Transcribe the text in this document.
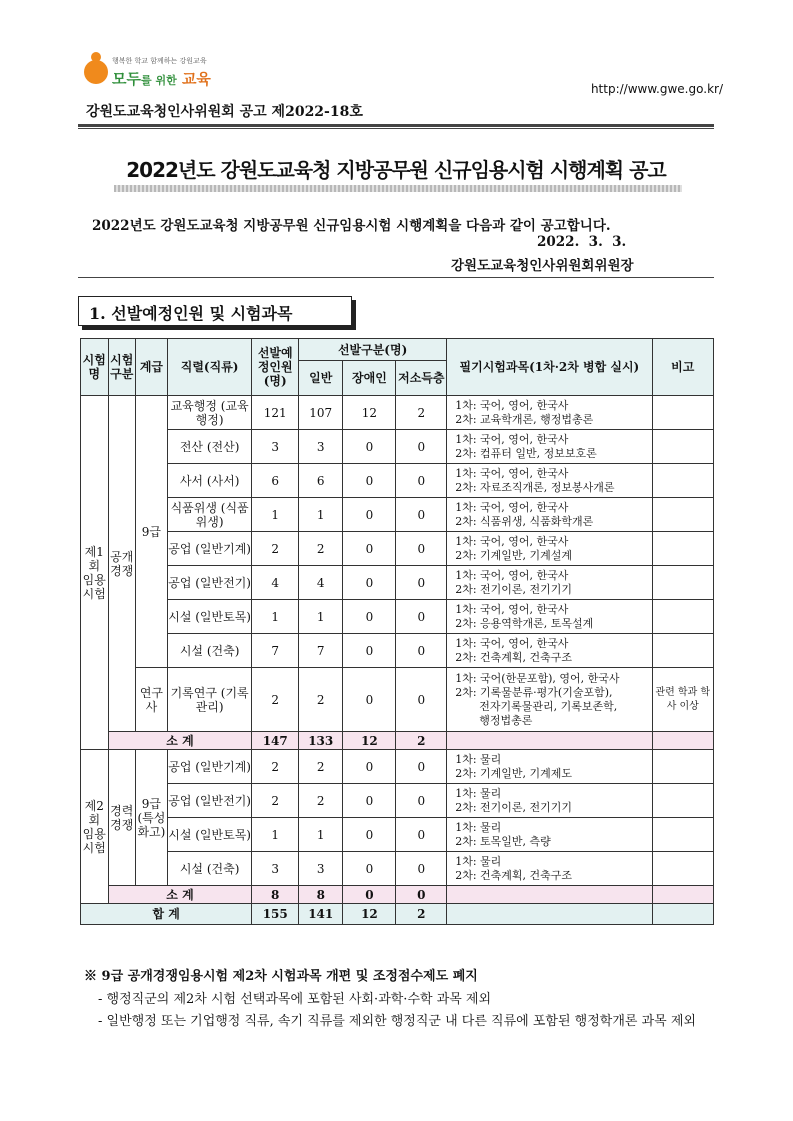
행복한 학교 함께하는 강원교육
모두를 위한 교육
http://www.gwe.go.kr/
강원도교육청인사위원회 공고 제2022-18호
2022년도 강원도교육청 지방공무원 신규임용시험 시행계획 공고
2022년도 강원도교육청 지방공무원 신규임용시험 시행계획을 다음과 같이 공고합니다.
2022.  3.  3.
강원도교육청인사위원회위원장
1. 선발예정인원 및 시험과목
시험명	시험구분	계급	직렬(직류)	선발예정인원(명)	선발구분(명)			필기시험과목(1차·2차 병합 실시)	비고
					일반	장애인	저소득층		
제1회 임용시험	공개경쟁	9급	교육행정 (교육행정)	121	107	12	2	1차: 국어, 영어, 한국사
2차: 교육학개론, 행정법총론	

			전산 (전산)	3	3	0	0	1차: 국어, 영어, 한국사
2차: 컴퓨터 일반, 정보보호론	

			사서 (사서)	6	6	0	0	1차: 국어, 영어, 한국사
2차: 자료조직개론, 정보봉사개론	

			식품위생 (식품위생)	1	1	0	0	1차: 국어, 영어, 한국사
2차: 식품위생, 식품화학개론	

			공업 (일반기계)	2	2	0	0	1차: 국어, 영어, 한국사
2차: 기계일반, 기계설계	

			공업 (일반전기)	4	4	0	0	1차: 국어, 영어, 한국사
2차: 전기이론, 전기기기	

			시설 (일반토목)	1	1	0	0	1차: 국어, 영어, 한국사
2차: 응용역학개론, 토목설계	

			시설 (건축)	7	7	0	0	1차: 국어, 영어, 한국사
2차: 건축계획, 건축구조	

		연구사	기록연구 (기록관리)	2	2	0	0	1차: 국어(한문포함), 영어, 한국사
2차: 기록물분류·평가(기술포함),
전자기록물관리, 기록보존학,
행정법총론	관련 학과 학사 이상
	소 계			147	133	12	2		
제2회 임용시험	경력경쟁	9급(특성화고)	공업 (일반기계)	2	2	0	0	1차: 물리
2차: 기계일반, 기계제도	

			공업 (일반전기)	2	2	0	0	1차: 물리
2차: 전기이론, 전기기기	

			시설 (일반토목)	1	1	0	0	1차: 물리
2차: 토목일반, 측량	

			시설 (건축)	3	3	0	0	1차: 물리
2차: 건축계획, 건축구조	

	소 계			8	8	0	0		
합 계				155	141	12	2		
※ 9급 공개경쟁임용시험 제2차 시험과목 개편 및 조정점수제도 폐지
- 행정직군의 제2차 시험 선택과목에 포함된 사회·과학·수학 과목 제외
- 일반행정 또는 기업행정 직류, 속기 직류를 제외한 행정직군 내 다른 직류에 포함된 행정학개론 과목 제외
